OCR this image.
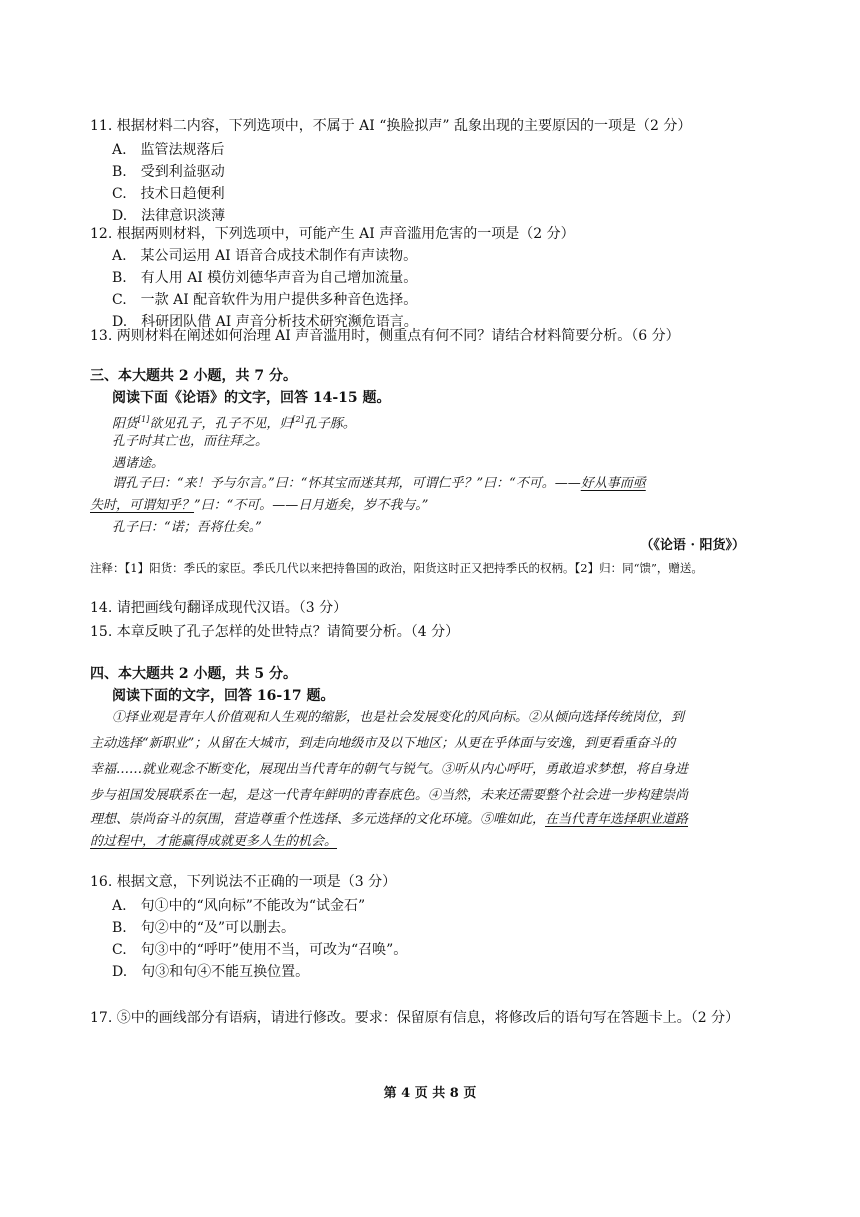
11. 根据材料二内容，下列选项中，不属于 AI “换脸拟声” 乱象出现的主要原因的一项是（2 分）
A.　监管法规落后
B.　受到利益驱动
C.　技术日趋便利
D.　法律意识淡薄
12. 根据两则材料，下列选项中，可能产生 AI 声音滥用危害的一项是（2 分）
A.　某公司运用 AI 语音合成技术制作有声读物。
B.　有人用 AI 模仿刘德华声音为自己增加流量。
C.　一款 AI 配音软件为用户提供多种音色选择。
D.　科研团队借 AI 声音分析技术研究濒危语言。
13. 两则材料在阐述如何治理 AI 声音滥用时，侧重点有何不同？请结合材料简要分析。（6 分）
三、本大题共 2 小题，共 7 分。
阅读下面《论语》的文字，回答 14-15 题。
阳货[1]欲见孔子，孔子不见，归[2]孔子豚。
孔子时其亡也，而往拜之。
遇诸途。
谓孔子曰：“来！予与尔言。”曰：“怀其宝而迷其邦，可谓仁乎？”曰：“不可。——好从事而亟
失时，可谓知乎？”曰：“不可。——日月逝矣，岁不我与。”
孔子曰：“诺；吾将仕矣。”
（《论语 · 阳货》）
注释：【1】阳货：季氏的家臣。季氏几代以来把持鲁国的政治，阳货这时正又把持季氏的权柄。【2】归：同“馈”，赠送。
14. 请把画线句翻译成现代汉语。（3 分）
15. 本章反映了孔子怎样的处世特点？请简要分析。（4 分）
四、本大题共 2 小题，共 5 分。
阅读下面的文字，回答 16-17 题。
①择业观是青年人价值观和人生观的缩影，也是社会发展变化的风向标。②从倾向选择传统岗位，到
主动选择“新职业”；从留在大城市，到走向地级市及以下地区；从更在乎体面与安逸，到更看重奋斗的
幸福……就业观念不断变化，展现出当代青年的朝气与锐气。③听从内心呼吁，勇敢追求梦想，将自身进
步与祖国发展联系在一起，是这一代青年鲜明的青春底色。④当然，未来还需要整个社会进一步构建崇尚
理想、崇尚奋斗的氛围，营造尊重个性选择、多元选择的文化环境。⑤唯如此，在当代青年选择职业道路
的过程中，才能赢得成就更多人生的机会。
16. 根据文意，下列说法不正确的一项是（3 分）
A.　句①中的“风向标”不能改为“试金石”
B.　句②中的“及”可以删去。
C.　句③中的“呼吁”使用不当，可改为“召唤”。
D.　句③和句④不能互换位置。
17. ⑤中的画线部分有语病，请进行修改。要求：保留原有信息，将修改后的语句写在答题卡上。（2 分）
第 4 页 共 8 页
